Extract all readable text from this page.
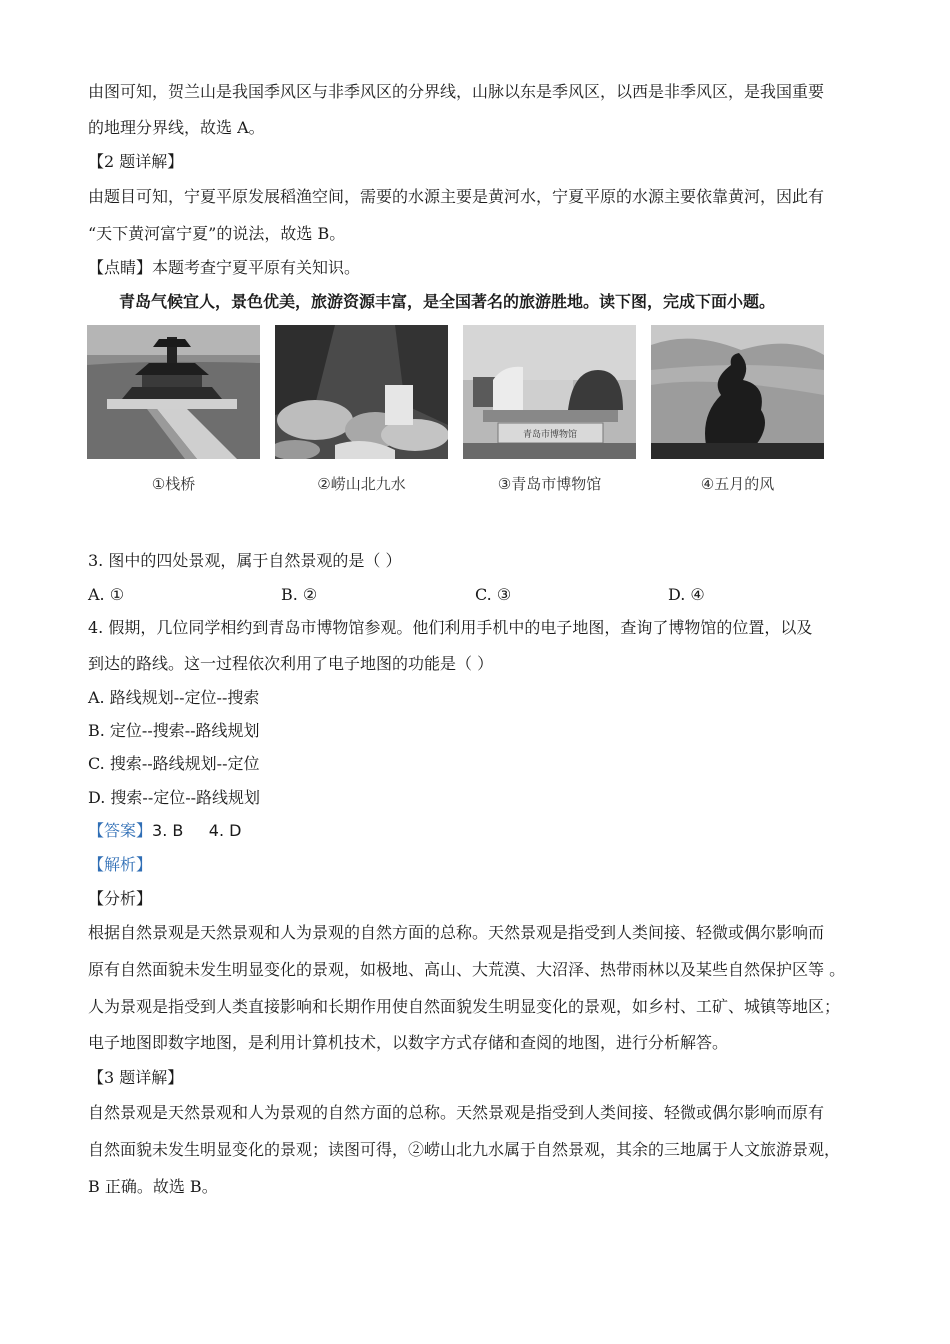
由图可知，贺兰山是我国季风区与非季风区的分界线，山脉以东是季风区，以西是非季风区，是我国重要
的地理分界线，故选 A。
【2 题详解】
由题目可知，宁夏平原发展稻渔空间，需要的水源主要是黄河水，宁夏平原的水源主要依靠黄河，因此有
“天下黄河富宁夏”的说法，故选 B。
【点睛】本题考查宁夏平原有关知识。
青岛气候宜人，景色优美，旅游资源丰富，是全国著名的旅游胜地。读下图，完成下面小题。
青岛市博物馆
①栈桥	②崂山北九水	③青岛市博物馆	④五月的风
3. 图中的四处景观，属于自然景观的是（ ）
A. ①	B. ②	C. ③	D. ④
4. 假期，几位同学相约到青岛市博物馆参观。他们利用手机中的电子地图，查询了博物馆的位置，以及
到达的路线。这一过程依次利用了电子地图的功能是（ ）
A. 路线规划--定位--搜索
B. 定位--搜索--路线规划
C. 搜索--路线规划--定位
D. 搜索--定位--路线规划
【答案】3. B     4. D
【解析】
【分析】
根据自然景观是天然景观和人为景观的自然方面的总称。天然景观是指受到人类间接、轻微或偶尔影响而
原有自然面貌未发生明显变化的景观，如极地、高山、大荒漠、大沼泽、热带雨林以及某些自然保护区等 。
人为景观是指受到人类直接影响和长期作用使自然面貌发生明显变化的景观，如乡村、工矿、城镇等地区；
电子地图即数字地图，是利用计算机技术，以数字方式存储和查阅的地图，进行分析解答。
【3 题详解】
自然景观是天然景观和人为景观的自然方面的总称。天然景观是指受到人类间接、轻微或偶尔影响而原有
自然面貌未发生明显变化的景观；读图可得，②崂山北九水属于自然景观，其余的三地属于人文旅游景观，
B 正确。故选 B。
